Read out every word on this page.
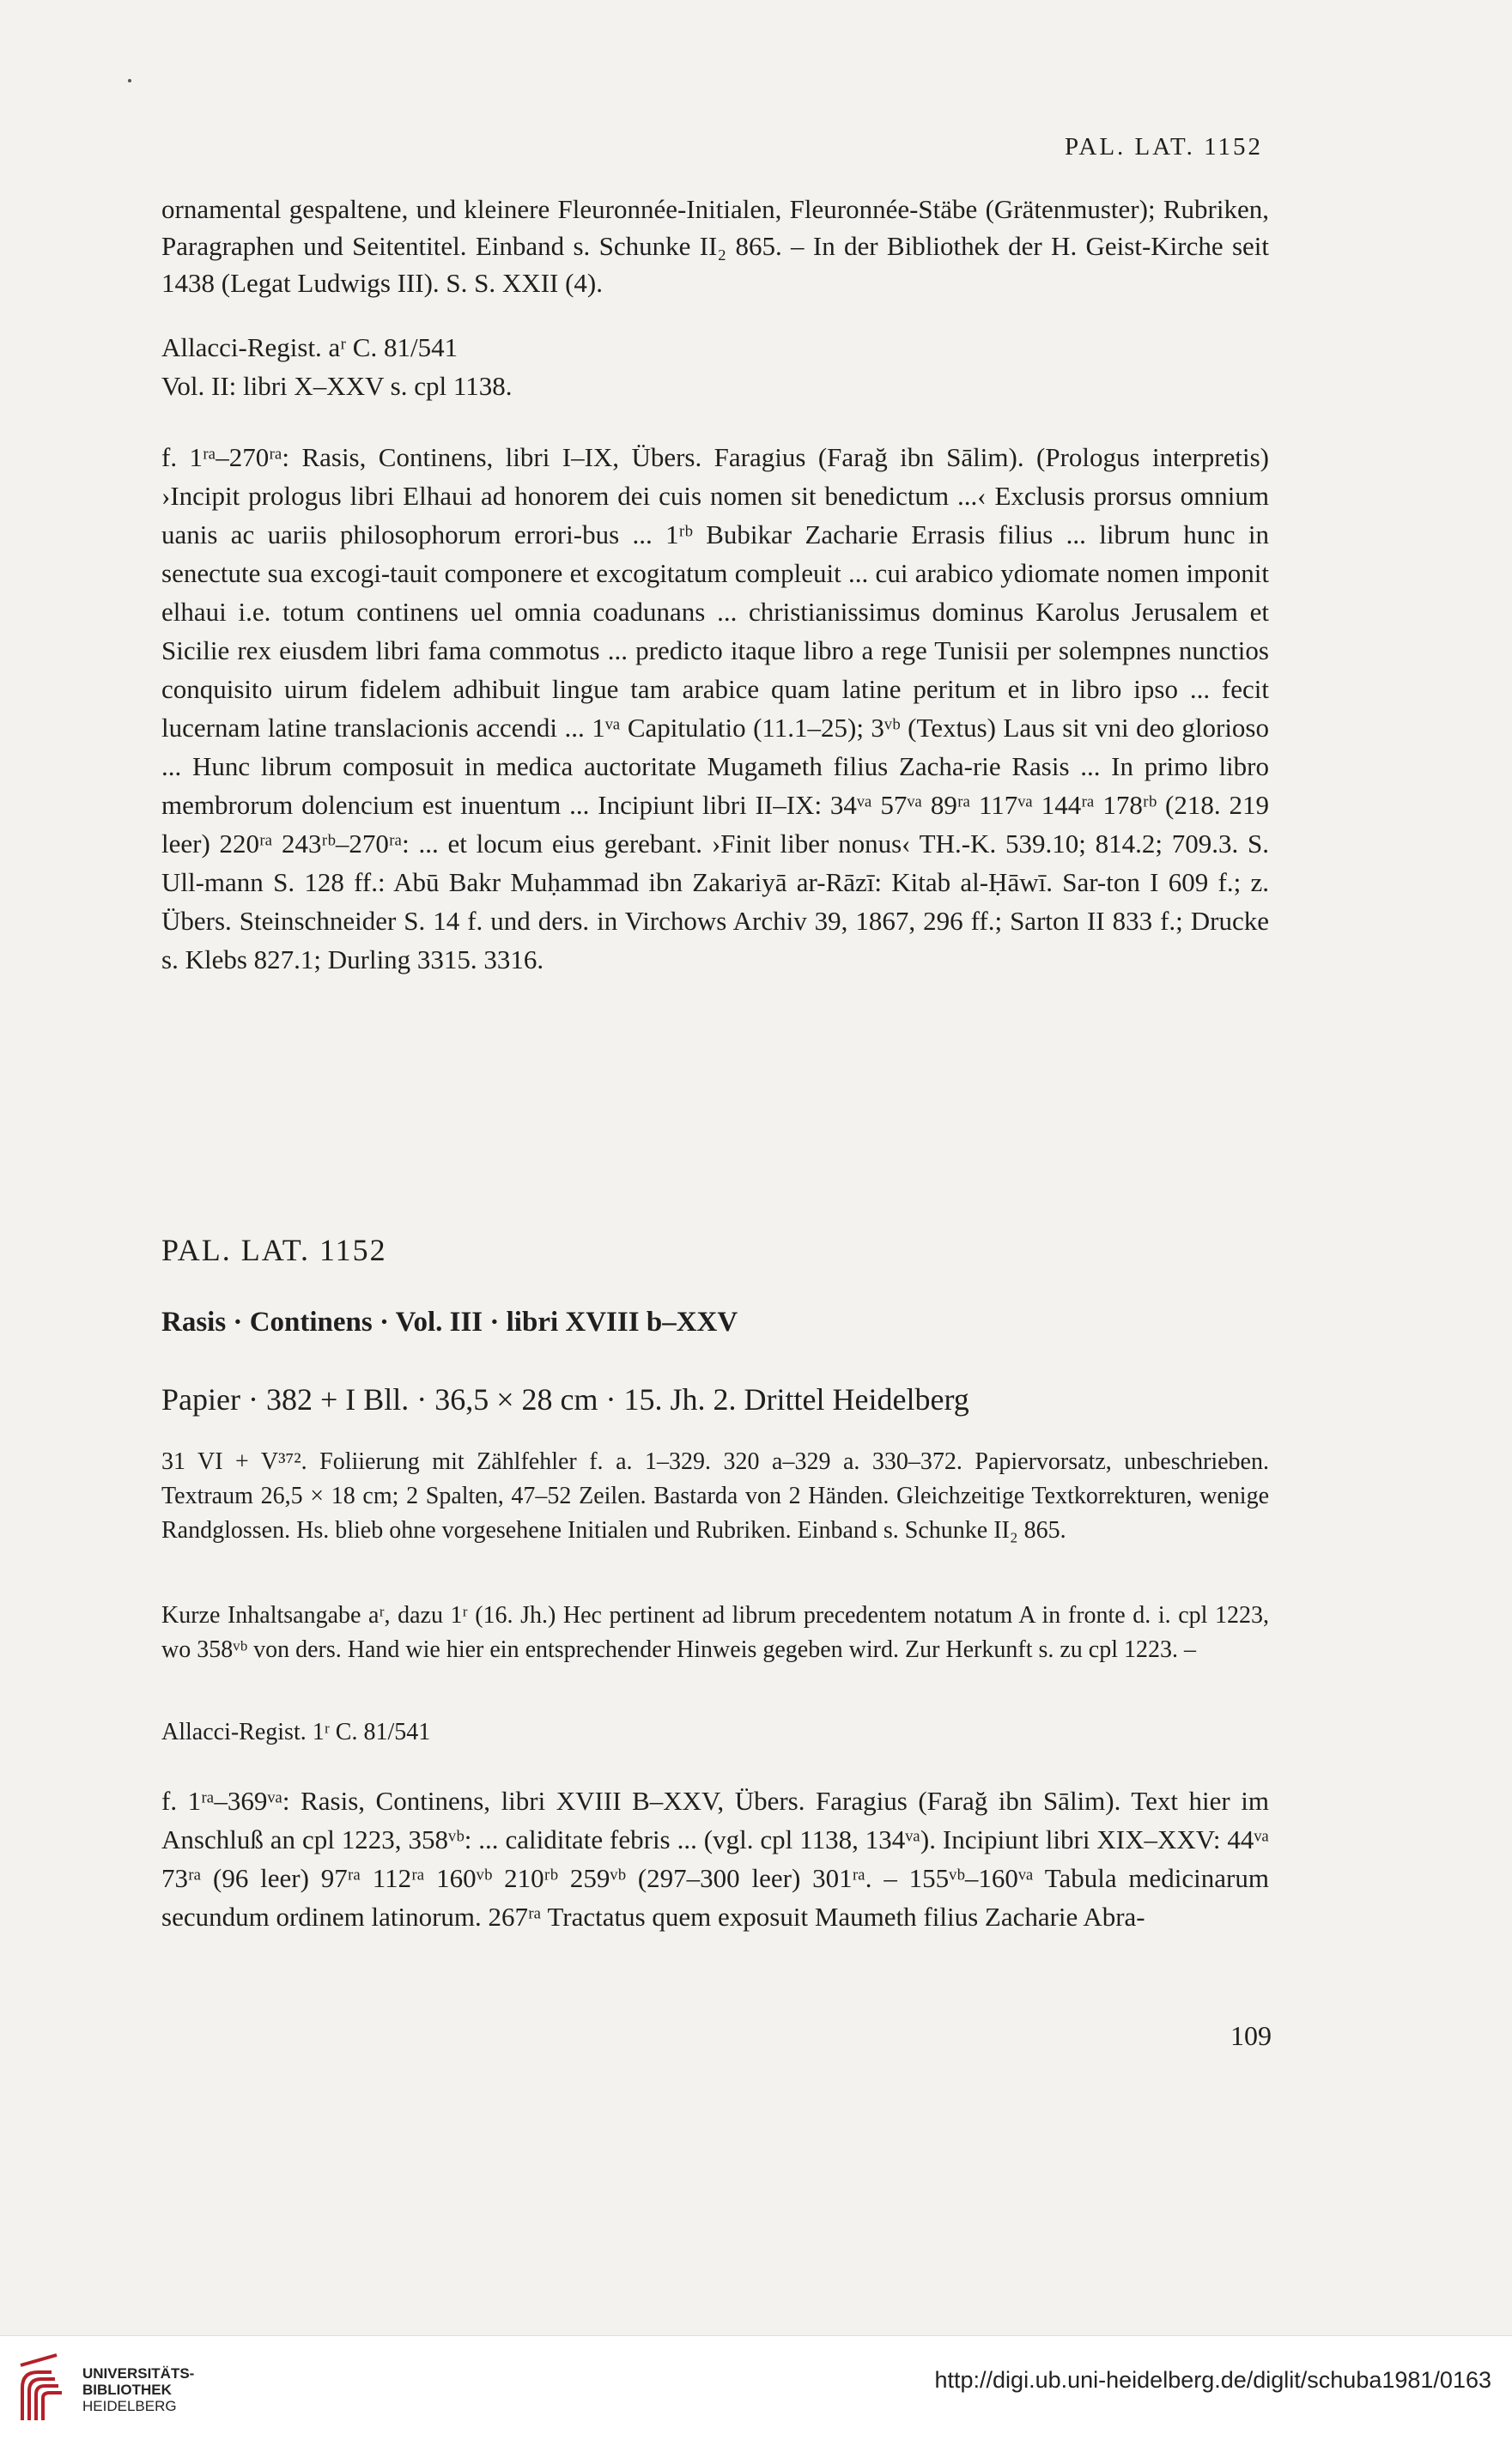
PAL. LAT. 1152
ornamental gespaltene, und kleinere Fleuronnée-Initialen, Fleuronnée-Stäbe (Grätenmuster); Rubriken, Paragraphen und Seitentitel. Einband s. Schunke II₂ 865. – In der Bibliothek der H. Geist-Kirche seit 1438 (Legat Ludwigs III). S. S. XXII (4).
Allacci-Regist. aʳ C. 81/541
Vol. II: libri X–XXV s. cpl 1138.
f. 1ʳᵃ–270ʳᵃ: Rasis, Continens, libri I–IX, Übers. Faragius (Farağ ibn Sālim). (Prologus interpretis) ›Incipit prologus libri Elhaui ad honorem dei cuis nomen sit benedictum ...‹ Exclusis prorsus omnium uanis ac uariis philosophorum errori-bus ... 1ʳᵇ Bubikar Zacharie Errasis filius ... librum hunc in senectute sua excogi-tauit componere et excogitatum compleuit ... cui arabico ydiomate nomen imponit elhaui i.e. totum continens uel omnia coadunans ... christianissimus dominus Karolus Jerusalem et Sicilie rex eiusdem libri fama commotus ... predicto itaque libro a rege Tunisii per solempnes nunctios conquisito uirum fidelem adhibuit lingue tam arabice quam latine peritum et in libro ipso ... fecit lucernam latine translacionis accendi ... 1ᵛᵃ Capitulatio (11.1–25); 3ᵛᵇ (Textus) Laus sit vni deo glorioso ... Hunc librum composuit in medica auctoritate Mugameth filius Zacha-rie Rasis ... In primo libro membrorum dolencium est inuentum ... Incipiunt libri II–IX: 34ᵛᵃ 57ᵛᵃ 89ʳᵃ 117ᵛᵃ 144ʳᵃ 178ʳᵇ (218. 219 leer) 220ʳᵃ 243ʳᵇ–270ʳᵃ: ... et locum eius gerebant. ›Finit liber nonus‹ TH.-K. 539.10; 814.2; 709.3. S. Ull-mann S. 128 ff.: Abū Bakr Muḥammad ibn Zakariyā ar-Rāzī: Kitab al-Ḥāwī. Sar-ton I 609 f.; z. Übers. Steinschneider S. 14 f. und ders. in Virchows Archiv 39, 1867, 296 ff.; Sarton II 833 f.; Drucke s. Klebs 827.1; Durling 3315. 3316.
PAL. LAT. 1152
Rasis · Continens · Vol. III · libri XVIII b–XXV
Papier · 382 + I Bll. · 36,5 × 28 cm · 15. Jh. 2. Drittel Heidelberg
31 VI + V³⁷². Foliierung mit Zählfehler f. a. 1–329. 320 a–329 a. 330–372. Papiervorsatz, unbeschrieben. Textraum 26,5 × 18 cm; 2 Spalten, 47–52 Zeilen. Bastarda von 2 Händen. Gleichzeitige Textkorrekturen, wenige Randglossen. Hs. blieb ohne vorgesehene Initialen und Rubriken. Einband s. Schunke II₂ 865.
Kurze Inhaltsangabe aʳ, dazu 1ʳ (16. Jh.) Hec pertinent ad librum precedentem notatum A in fronte d. i. cpl 1223, wo 358ᵛᵇ von ders. Hand wie hier ein entsprechender Hinweis gegeben wird. Zur Herkunft s. zu cpl 1223. –
Allacci-Regist. 1ʳ C. 81/541
f. 1ʳᵃ–369ᵛᵃ: Rasis, Continens, libri XVIII B–XXV, Übers. Faragius (Farağ ibn Sālim). Text hier im Anschluß an cpl 1223, 358ᵛᵇ: ... caliditate febris ... (vgl. cpl 1138, 134ᵛᵃ). Incipiunt libri XIX–XXV: 44ᵛᵃ 73ʳᵃ (96 leer) 97ʳᵃ 112ʳᵃ 160ᵛᵇ 210ʳᵇ 259ᵛᵇ (297–300 leer) 301ʳᵃ. – 155ᵛᵇ–160ᵛᵃ Tabula medicinarum secundum ordinem latinorum. 267ʳᵃ Tractatus quem exposuit Maumeth filius Zacharie Abra-
109
UNIVERSITÄTS-
BIBLIOTHEK
HEIDELBERG
http://digi.ub.uni-heidelberg.de/diglit/schuba1981/0163
